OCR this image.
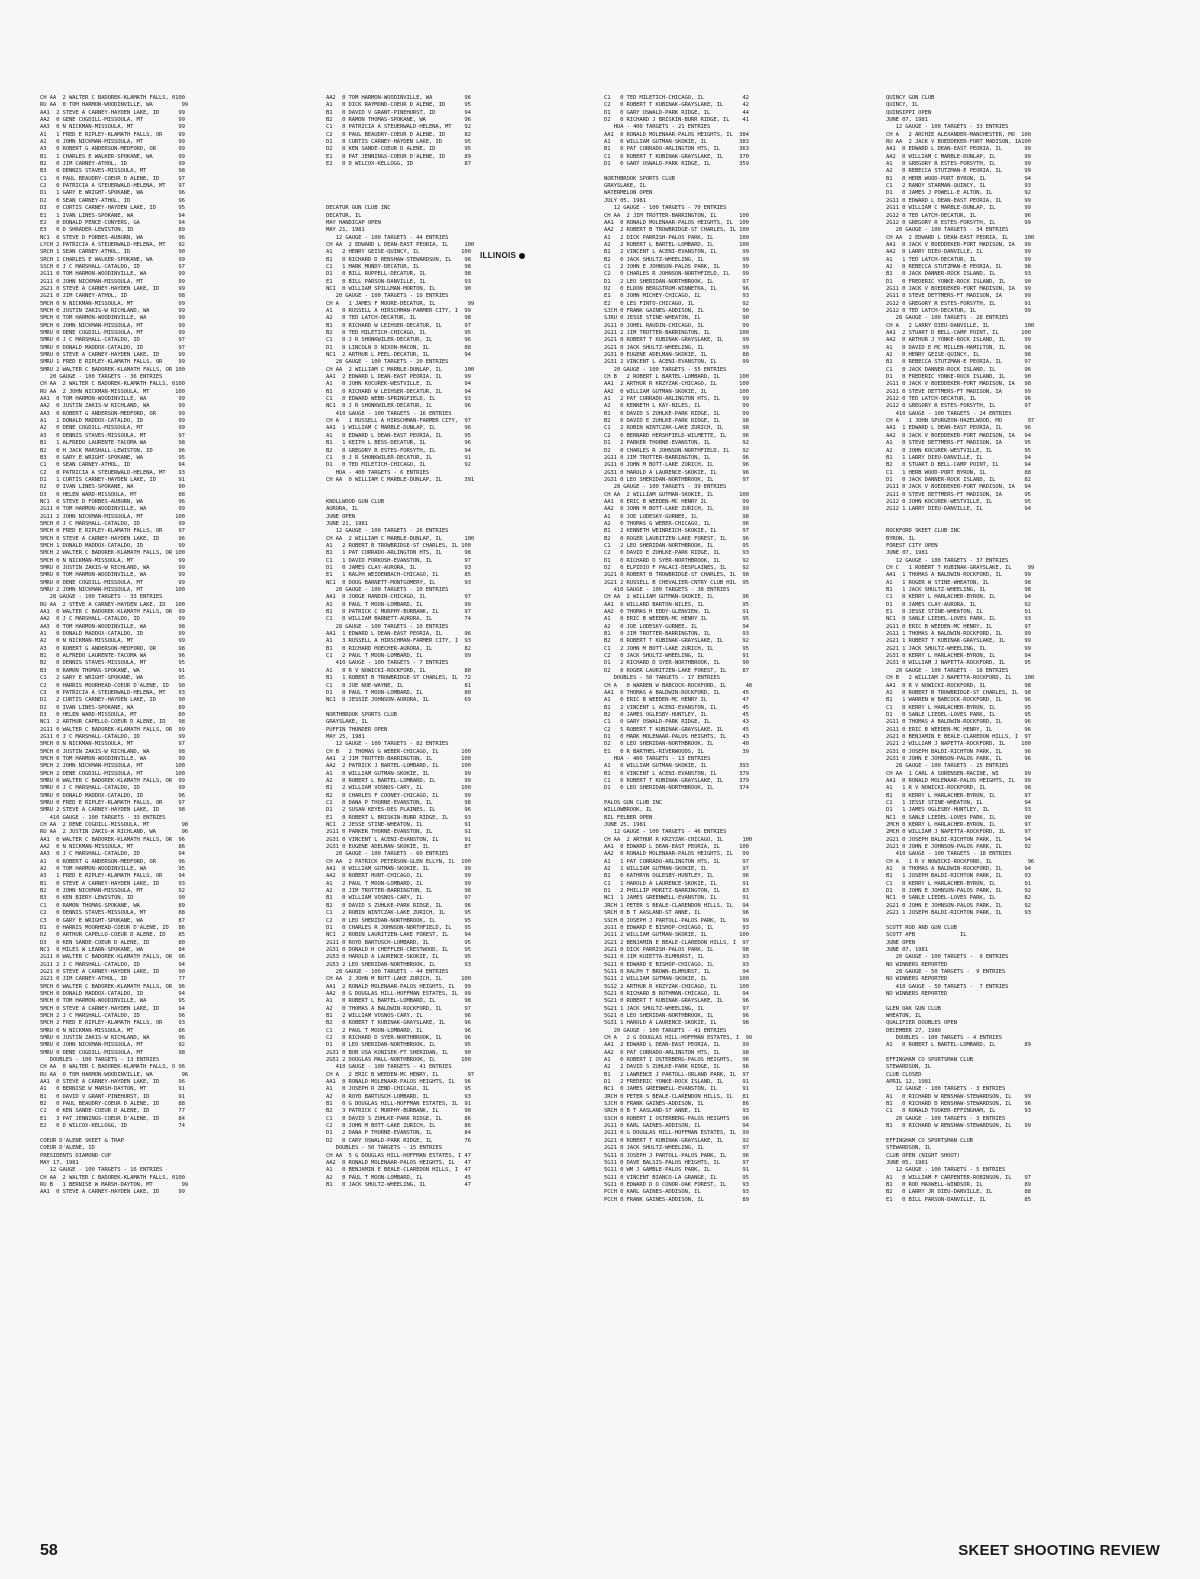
CH AA  2 WALTER C BADOREK-KLAMATH FALLS, 0100
RU AA  0 TOM HARMON-WOODINVILLE, WA         99
AA1  2 STEVE A CARNEY-HAYDEN LAKE, ID      99
AA2  0 GENE COGDILL-MISSOULA, MT           99
AA3  0 N NICKMAN-MISSOULA, MT              99
A1   1 FRED E RIPLEY-KLAMATH FALLS, OR     99
A2   0 JOHN NICKMAN-MISSOULA, MT           99
A3   0 ROBERT G ANDERSON-MEDFORD, OR       99
B1   1 CHARLES E WALKER-SPOKANE, WA        99
B2   0 JIM CARNEY-ATHOL, ID                99
B3   0 DENNIS STAVES-MISSOULA, MT          98
C1   0 PAUL BEAUDRY-COEUR D ALENE, ID      97
C2   0 PATRICIA A STEUERWALD-HELENA, MT    97
D1   1 GARY E WRIGHT-SPOKANE, WA           96
D2   0 SEAN CARNEY-ATHOL, ID               96
D3   0 CURTIS CARNEY-HAYDEN LAKE, ID       95
E1   1 IVAN LINES-SPOKANE, WA              94
E2   0 DONALD PENCE-CONYERS, GA            94
E3   0 D SHRADER-LEWISTON, ID              89
NC1  0 STEVE D FORBES-AUBURN, WA           96
LYCH 2 PATRICIA A STEUERWALD-HELENA, MT    92
SRCH 1 SEAN CARNEY-ATHOL, ID               90
SRCH 1 CHARLES E WALKER-SPOKANE, WA        99
SSCH 0 J C MARSHALL-CATALDO, ID            97
2G11 0 TOM HARMON-WOODINVILLE, WA          99
2G11 0 JOHN NICKMAN-MISSOULA, MT           99
2G21 0 STEVE A CARNEY-HAYDEN LAKE, ID      99
2G21 0 JIM CARNEY-ATHOL, ID                98
5MCH 0 N NICKMAN-MISSOULA, MT              99
5MCH 0 JUSTIN ZAKIS-W RICHLAND, WA         99
5MCH 0 TOM HARMON-WOODINVILLE, WA          99
5MCH 0 JOHN NICKMAN-MISSOULA, MT           99
5MRU 0 DENE COGDILL-MISSOULA, MT           99
5MRU 0 J C MARSHALL-CATALDO, ID            97
5MRU 0 DONALD MADDOX-CATALDO, ID           97
5MRU 0 STEVE A CARNEY-HAYDEN LAKE, ID      99
5MRU 1 FRED E RIPLEY-KLAMATH FALLS, OR     99
5MRU 2 WALTER C BADOREK-KLAMATH FALLS, OR 100
20 GAUGE - 100 TARGETS - 36 ENTRIES
CH AA  2 WALTER C BADOREK-KLAMATH FALLS, 0100
RU AA  2 JOHN NICKMAN-MISSOULA, MT        100
AA1  0 TOM HARMON-WOODINVILLE, WA          99
AA2  0 JUSTIN ZAKIS-W RICHLAND, WA         99
AA3  0 ROBERT G ANDERSON-MEDFORD, OR       99
A1   1 DONALD MADDOX-CATALDO, ID           99
A2   0 DENE COGDILL-MISSOULA, MT           99
A3   0 DENNIS STAVES-MISSOULA, MT          97
B1   1 ALFREDO LAURENTE-TACOMA WA          98
B2   0 H JACK MARSHALL-LEWISTON, ID        96
B3   0 GARY E WRIGHT-SPOKANE, WA           95
C1   0 SEAN CARNEY-ATHOL, ID               94
C2   0 PATRICIA A STEUERWALD-HELENA, MT    93
D1   1 CURTIS CARNEY-HAYDEN LAKE, ID       91
D2   0 IVAN LINES-SPOKANE, WA              90
D3   0 HELEN WARD-MISSOULA, MT             88
NC1  0 STEVE D FORBES-AUBURN, WA           96
2G11 0 TOM HARMON-WOODINVILLE, WA          99
2G11 2 JOHN NICKMAN-MISSOULA, MT          100
5MCH 0 J C MARSHALL-CATALDO, ID            99
5MCH 0 FRED E RIPLEY-KLAMATH FALLS, OR     97
5MCH 0 STEVE A CARNEY-HAYDEN LAKE, ID      96
5MCH 1 DONALD MADDOX-CATALDO, ID           99
5MCH 2 WALTER C BADOREK-KLAMATH FALLS, OR 100
5MCH 0 N NICKMAN-MISSOULA, MT              99
5MRU 0 JUSTIN ZAKIS-W RICHLAND, WA         99
5MRU 0 TOM HARMON-WOODINVILLE, WA          99
5MRU 0 DENE COGDILL-MISSOULA, MT           99
5MRU 2 JOHN NICKMAN-MISSOULA, MT          100
28 GAUGE - 100 TARGETS - 33 ENTRIES
RU AA  2 STEVE A CARNEY-HAYDEN LAKE, ID   100
AA1  0 WALTER C BADOREK-KLAMATH FALLS, OR  99
AA2  0 J C MARSHALL-CATALDO, ID            99
AA3  0 TOM HARMON-WOODINVILLE, WA          98
A1   0 DONALD MADDOX-CATALDO, ID           99
A2   0 N NICKMAN-MISSOULA, MT              99
A3   0 ROBERT G ANDERSON-MEDFORD, OR       98
B1   0 ALFREDO LAURENTE-TACOMA WA          96
B2   0 DENNIS STAVES-MISSOULA, MT          95
B3   0 RAMON THOMAS-SPOKANE, WA            91
C1   2 GARY E WRIGHT-SPOKANE, WA           95
C2   0 HARRIS MOORHEAD-COEUR D'ALENE, ID   90
C3   0 PATRICIA A STEUERWALD-HELENA, MT    93
D1   2 CURTIS CARNEY-HAYDEN LAKE, ID       90
D2   0 IVAN LINES-SPOKANE, WA              89
D3   0 HELEN WARD-MISSOULA, MT             80
NC1  2 ARTHUR CAPELLO-COEUR D ALENE, ID    98
2G11 0 WALTER C BADOREK-KLAMATH FALLS, OR  99
2G11 0 J C MARSHALL-CATALDO, ID            99
5MCH 0 N NICKMAN-MISSOULA, MT              97
5MCH 0 JUSTIN ZAKIS-W RICHLAND, WA         98
5MCH 0 TOM HARMON-WOODINVILLE, WA          99
5MCH 2 JOHN NICKMAN-MISSOULA, MT          100
5MCH 2 DENE COGDILL-MISSOULA, MT          100
5MRU 0 WALTER C BADOREK-KLAMATH FALLS, OR  99
5MRU 0 J C MARSHALL-CATALDO, ID            99
5MRU 0 DONALD MADDOX-CATALDO, ID           96
5MRU 0 FRED E RIPLEY-KLAMATH FALLS, OR     97
5MRU 2 STEVE A CARNEY-HAYDEN LAKE, ID      98
410 GAUGE - 100 TARGETS - 33 ENTRIES
CH AA  2 DENE COGDILL-MISSOULA, MT          98
RU AA  2 JUSTIN ZAKIS-W RICHLAND, WA        96
AA1  0 WALTER C BADOREK-KLAMATH FALLS, OR  96
AA2  0 N NICKMAN-MISSOULA, MT              86
AA3  0 J C MARSHALL-CATALDO, ID            94
A1   0 ROBERT G ANDERSON-MEDFORD, OR       96
A2   0 TOM HARMON-WOODINVILLE, WA          95
A3   1 FRED E RIPLEY-KLAMATH FALLS, OR     94
B1   0 STEVE A CARNEY-HAYDEN LAKE, ID      93
B2   0 JOHN NICKMAN-MISSOULA, MT           92
B3   0 KEN BIERY-LEWISTON, ID              90
C1   0 RAMON THOMAS-SPOKANE, WA            89
C2   0 DENNIS STAVES-MISSOULA, MT          88
C3   0 GARY E WRIGHT-SPOKANE, WA           87
D1   0 HARRIS MOORHEAD-COEUR D'ALENE, ID   86
D2   0 ARTHUR CAPELLO-COEUR D ALENE, ID    85
D3   0 KEN SANDE-COEUR D ALENE, ID         80
NC1  0 MILES W LEARN-SPOKANE, WA           84
2G11 0 WALTER C BADOREK-KLAMATH FALLS, OR  96
2G11 2 J C MARSHALL-CATALDO, ID            94
2G21 0 STEVE A CARNEY-HAYDEN LAKE, ID      90
2G21 0 JIM CARNEY-ATHOL, ID                77
5MCH 0 WALTER C BADOREK-KLAMATH FALLS, OR  96
5MCH 0 DONALD MADDOX-CATALDO, ID           94
5MCH 0 TOM HARMON-WOODINVILLE, WA          95
5MCH 0 STEVE A CARNEY-HAYDEN LAKE, ID      94
5MCH 2 J C MARSHALL-CATALDO, ID            96
5MCH 2 FRED E RIPLEY-KLAMATH FALLS, OR     93
5MRU 0 N NICKMAN-MISSOULA, MT              86
5MRU 0 JUSTIN ZAKIS-W RICHLAND, WA         96
5MRU 0 JOHN NICKMAN-MISSOULA, MT           92
5MRU 0 DENE COGDILL-MISSOULA, MT           98
DOUBLES - 100 TARGETS - 13 ENTRIES
CH AA  0 WALTER C BADOREK-KLAMATH FALLS, O 96
RU AA  0 TOM HARMON-WOODINVILLE, WA         96
AA1  0 STEVE A CARNEY-HAYDEN LAKE, ID      96
A1   0 BERNISE W MARSH-DAYTON, MT          91
B1   0 DAVID V GRANT-PINEHURST, ID         91
B2   0 PAUL BEAUDRY-COEUR D ALENE, ID      88
C1   0 KEN SANDE-COEUR D ALENE, ID         77
E1   3 PAT JENNINGS-COEUR D'ALENE, ID      84
E2   0 D WILCOX-KELLOGG, ID                74
COEUR D'ALENE SKEET & TRAP
COEUR D'ALENE, ID
PRESIDENTS DIAMOND CUP
MAY 17, 1981
12 GAUGE - 100 TARGETS - 16 ENTRIES
CH AA  2 WALTER C BADOREK-KLAMATH FALLS, 0100
RU B   1 BERNISE W MARSH-DAYTON, MT         99
AA1  0 STEVE A CARNEY-HAYDEN LAKE, ID      99
AA2  0 TOM HARMON-WOODINVILLE, WA          96
A1   0 DICK RAYMOND-COEUR D ALENE, ID      95
B1   0 DAVID V GRANT-PINEHURST, ID         94
B2   0 RAMON THOMAS-SPOKANE, WA            96
C1   0 PATRICIA A STEUERWALD-HELENA, MT    92
C2   0 PAUL BEAUDRY-COEUR D ALENE, ID      82
D1   0 CURTIS CARNEY-HAYDEN LAKE, ID       95
D2   0 KEN SANDE-COEUR D ALENE, ID         95
E1   0 PAT JENNINGS-COEUR D'ALENE, ID      89
E2   0 D WILCOX-KELLOGG, ID                87
DECATUR GUN CLUB INC
DECATUR, IL
MAY HANDICAP OPEN
MAY 21, 1981
12 GAUGE - 100 TARGETS - 44 ENTRIES
CH AA  2 EDWARD L DEAN-EAST PEORIA, IL     100
A1   2 HENRY GEISE-QUINCY, IL             100
B1   0 RICHARD D RENSHAW-STEWARDSON, IL    98
C1   1 MARK MUNDY-DECATUR, IL              98
D1   0 BILL RUPPELL-DECATUR, IL            98
E1   0 BILL PARSON-DANVILLE, IL            93
NC1  0 WILLIAM SPILLMAN-MORTON, IL         90
20 GAUGE - 100 TARGETS - 19 ENTRIES
CH A   1 JAMES F MOORE-DECATUR, IL          99
A1   0 RUSSELL A HIRSCHMAN-FARMER CITY, I  99
A2   0 TED LATCH-DECATUR, IL               98
B1   0 RICHARD W LEIHSER-DECATUR, IL       97
B2   0 TED MILETICH-CHICAGO, IL            95
C1   0 J R SHONKWILER-DECATUR, IL          96
D1   0 LINCOLN D NIXON-MACON, IL           88
NC1  2 ARTHUR L PEEL-DECATUR, IL           94
28 GAUGE - 100 TARGETS - 20 ENTRIES
CH AA  2 WILLIAM C MARBLE-DUNLAP, IL       100
AA1  2 EDWARD L DEAN-EAST PEORIA, IL       99
A1   0 JOHN KOCUREK-WESTVILLE, IL          94
B1   0 RICHARD W LEIHSER-DECATUR, IL       94
C1   0 EDWARD WEBB-SPRINGFIELD, IL         93
NC1  0 J R SHONKWILER-DECATUR, IL          96
410 GAUGE - 100 TARGETS - 16 ENTRIES
CH A   1 RUSSELL A HIRSCHMAN-FARMER CITY,  97
AA1  1 WILLIAM C MARBLE-DUNLAP, IL         96
A1   0 EDWARD L DEAN-EAST PEORIA, IL       95
B1   1 KEITH L BESS-DECATUR, IL            96
B2   0 GREGORY R ESTES-FORSYTH, IL         94
C1   0 J R SHONKWILER-DECATUR, IL          91
D1   0 TED MILETICH-CHICAGO, IL            92
HOA - 400 TARGETS - 6 ENTRIES
CH AA  0 WILLIAM C MARBLE-DUNLAP, IL       391
KNOLLWOOD GUN CLUB
AURORA, IL
JUNE OPEN
JUNE 21, 1981
12 GAUGE - 100 TARGETS - 26 ENTRIES
CH AA  2 WILLIAM C MARBLE-DUNLAP, IL       100
A1   2 ROBERT B TROWBRIDGE-ST CHARLES, IL 100
B1   1 PAT CORRADO-ARLINGTON HTS, IL       98
C1   1 DAVID FORKOSH-EVANSTON, IL          97
D1   0 JAMES CLAY-AURORA, IL               93
E1   1 RALPH WEIDENBACH-CHICAGO, IL        85
NC1  0 DOUG BARNETT-MONTGOMERY, IL         93
20 GAUGE - 100 TARGETS - 10 ENTRIES
AA1  0 JORGE RANDIN-CHICAGO, IL            97
A1   0 PAUL T MOON-LOMBARD, IL             99
B1   0 PATRICK C MURPHY-BURBANK, IL        97
C1   0 WILLIAM BARNETT-AURORA, IL          74
28 GAUGE - 100 TARGETS - 10 ENTRIES
AA1  1 EDWARD L DEAN-EAST PEORIA, IL       96
A1   3 RUSSELL A HIRSCHMAN-FARMER CITY, I  93
B1   0 RICHARD MOECHER-AURORA, IL          82
C1   2 PAUL T MOON-LOMBARD, IL             99
410 GAUGE - 100 TARGETS - 7 ENTRIES
A1   0 R V NOWICKI-ROCKFORD, IL            80
B1   1 ROBERT B TROWBRIDGE-ST CHARLES, IL  72
C1   0 JOE NOE-WAYNE, IL                   81
D1   0 PAUL T MOON-LOMBARD, IL             80
NC1  0 JESSIE JOHNSON-AURORA, IL           69
NORTHBROOK SPORTS CLUB
GRAYSLAKE, IL
PUFFIN THUNDER OPEN
MAY 25, 1981
12 GAUGE - 100 TARGETS - 82 ENTRIES
CH B   2 THOMAS G WEBER-CHICAGO, IL       100
AA1  2 JIM TROTTER-BARRINGTON, IL         100
AA2  2 PATRICK J BARTEL-LOMBARD, IL       100
A1   0 WILLIAM GUTMAN-SKOKIE, IL           99
A2   0 ROBERT L BARTEL-LOMBARD, IL         99
B1   2 WILLIAM VOSNOS-CARY, IL            100
B2   0 CHARLES F COONEY-CHICAGO, IL        99
C1   0 DANA P THORNE-EVANSTON, IL          98
D1   2 SUSAN KEYES-DES PLAINES, IL         96
E1   0 ROBERT L BRISKIN-BURR RIDGE, IL     93
NC1  2 JESSE STINE-WHEATON, IL             91
2G11 0 PARKER THORNE-EVANSTON, IL          91
2G31 0 VINCENT L ACENI-EVANSTON, IL        91
2G31 0 EUGENE ADELMAN-SKOKIE, IL           87
20 GAUGE - 100 TARGETS - 60 ENTRIES
CH AA  2 PATRICK PETERSON-GLEN ELLYN, IL  100
AA1  0 WILLIAM GUTMAN-SKOKIE, IL           99
AA2  0 ROBERT HUNT-CHICAGO, IL             99
A1   2 PAUL T MOON-LOMBARD, IL             99
A2   0 JIM TROTTER-BARRINGTON, IL          98
B1   0 WILLIAM VOSNOS-CARY, IL             97
B2   0 DAVID S ZUHLKE-PARK RIDGE, IL       96
C1   2 ROBIN WINTCZAK-LAKE ZURICH, IL      95
C2   0 LEO SHERIDAN-NORTHBROOK, IL         95
D1   0 CHARLES R JOHNSON-NORTHFIELD, IL    95
NC1  2 ROBIN LAURITZEN-LAKE FOREST, IL     94
2G11 0 ROYD BARTUSCH-LOMBARD, IL           95
2G31 0 DONALD H CHEFFLER-CRESTWOOD, IL     95
2G53 0 HAROLD A LAURENCE-SKOKIE, IL        95
2G53 2 LEO SHERIDAN-NORTHBROOK, IL         93
28 GAUGE - 100 TARGETS - 44 ENTRIES
CH AA  2 JOHN M BOTT-LAKE ZURICH, IL      100
AA1  2 RONALD MOLENAAR-PALOS HEIGHTS, IL   99
AA2  0 G DOUGLAS HILL-HOFFMAN ESTATES, IL  99
A1   0 ROBERT L BARTEL-LOMBARD, IL         98
A2   0 THOMAS A BALDWIN-ROCKFORD, IL       97
B1   2 WILLIAM VOSNOS-CARY, IL             96
B2   0 ROBERT T KUBINAK-GRAYSLAKE, IL      96
C1   2 PAUL T MOON-LOMBARD, IL             96
C2   0 RICHARD D SYER-NORTHBROOK, IL       96
D1   0 LEO SHERIDAN-NORTHBROOK, IL         95
2G31 0 BOB USA KONISEK-FT SHERIDAN, IL     90
2G51 2 DOUGLAS MALL-NORTHBROOK, IL        100
410 GAUGE - 100 TARGETS - 41 ENTRIES
CH A   2 ERIC B WEEDEN-MC HENRY, IL         97
AA1  0 RONALD MOLENAAR-PALOS HEIGHTS, IL   96
A1   0 JOSEPH R ZEND-CHICAGO, IL           95
A2   0 ROYD BARTUSCH-LOMBARD, IL           93
B1   0 G DOUGLAS HILL-HOFFMAN ESTATES, IL  91
B2   3 PATRICK C MURPHY-BURBANK, IL        90
C1   0 DAVID S ZUHLKE-PARK RIDGE, IL       86
C2   0 JOHN M BOTT-LAKE ZURICH, IL         86
D1   2 DANA P THORNE-EVANSTON, IL          84
D2   0 CARY OSWALD-PARK RIDGE, IL          76
DOUBLES - 50 TARGETS - 15 ENTRIES
CH AA  5 G DOUGLAS HILL-HOFFMAN ESTATES, I 47
AA2  0 RONALD MOLENAAR-PALOS HEIGHTS, IL   47
A1   0 BENJAMIN E BEALE-CLAREDON HILLS, I  47
A2   0 PAUL T MOON-LOMBARD, IL             45
B1   0 JACK SHULTZ-WHEELING, IL            47
C1   0 TED MILETICH-CHICAGO, IL            42
C2   0 ROBERT T KUBINAK-GRAYSLAKE, IL      42
D1   0 GARY OSWALD-PARK RIDGE, IL          44
D2   0 RICHARD J BRISKIN-BURR RIDGE, IL    41
HOA - 400 TARGETS - 21 ENTRIES
AA1  0 RONALD MOLENAAR-PALOS HEIGHTS, IL  384
A1   0 WILLIAM GUTMAN-SKOKIE, IL          383
B1   0 PAT CORRADO-ARLINGTON HTS, IL      363
C1   0 ROBERT T KUBINAK-GRAYSLAKE, IL     370
D1   0 GARY OSWALD-PARK RIDGE, IL         359
NORTHBROOK SPORTS CLUB
GRAYSLAKE, IL
WATERMELON OPEN
JULY 05, 1981
12 GAUGE - 100 TARGETS - 70 ENTRIES
CH AA  2 JIM TROTTER-BARRINGTON, IL       100
AA1  0 RONALD MOLENAAR-PALOS HEIGHTS, IL  100
AA2  2 ROBERT B TROWBRIDGE-ST CHARLES, IL 100
A1   2 DICK PARRISH-PALOS PARK, IL        100
A2   2 ROBERT L BARTEL-LOMBARD, IL        100
B1   2 VINCENT L ACENI-EVANSTON, IL        99
B2   0 JACK SHULTZ-WHEELING, IL            99
C1   2 JOHN E JOHNSON-PALOS PARK, IL       99
C2   0 CHARLES R JOHNSON-NORTHFIELD, IL    99
D1   2 LEO SHERIDAN-NORTHBROOK, IL         97
D2   0 ELDON BERGSTROM-WINNETKA, IL        96
E1   0 JOHN MICHEY-CHICAGO, IL             93
E2   0 LES FINTO-CHICAGO, IL               92
SJCH 0 FRANK GAINES-ADDISON, IL            90
SJRU 0 JESSE STINE-WHEATON, IL             90
2G11 0 JOHEL RAUDIN-CHICAGO, IL            99
2G11 2 JIM TROTTER-BARRINGTON, IL         100
2G21 0 ROBERT T KUBINAK-GRAYSLAKE, IL      99
2G21 0 JACK SHULTZ-WHEELING, IL            99
2G31 0 EUGENE ADELMAN-SKOKIE, IL           88
2G31 2 VINCENT L ACENI-EVANSTON, IL        99
20 GAUGE - 100 TARGETS - 55 ENTRIES
CH B   2 ROBERT L BARTEL-LOMBARD, IL      100
AA1  2 ARTHUR R KRZYZAK-CHICAGO, IL       100
AA2  0 WILLIAM GUTMAN-SKOKIE, IL          100
A1   2 PAT CORRADO-ARLINGTON HTS, IL       99
A2   0 KENNETH L KAY-NILES, IL             99
B1   0 DAVID S ZUHLKE-PARK RIDGE, IL       99
B2   0 DAVID E ZUHLKE-PARK RIDGE, IL       98
C1   2 ROBIN WINTCZAK-LAKE ZURICH, IL      98
C2   0 BERNARD HERSHFIELD-WILMETTE, IL     96
D1   2 PARKER THORNE-EVANSTON, IL          92
D2   0 CHARLES R JOHNSON-NORTHFIELD, IL    92
2G11 0 JIM TROTTER-BARRINGTON, IL          96
2G11 0 JOHN M BOTT-LAKE ZURICH, IL         96
2G31 0 HAROLD A LAURENCE-SKOKIE, IL        96
2G31 0 LEO SHERIDAN-NORTHBROOK, IL         97
28 GAUGE - 100 TARGETS - 39 ENTRIES
CH AA  2 WILLIAM GUTMAN-SKOKIE, IL        100
AA1  0 ERIC B WEEDEN-MC HENRY IL           99
AA2  0 JOHN M BOTT-LAKE ZURICH, IL         99
A1   0 JOE LODESKY-GURNEE, IL              98
A2   0 THOMAS G WEBER-CHICAGO, IL          96
B1   2 KENNETH WEINREICH-SKOKIE, IL        97
B2   0 ROGER LAURITZEN-LAKE FOREST, IL     96
C1   2 LEO SHERIDAN-NORTHBROOK, IL         95
C2   0 DAVID E ZUHLKE-PARK RIDGE, IL       93
D1   0 RICHARD D SYER-NORTHBROOK, IL       92
D2   0 ELPIDIO F PALACI-DESPLAINES, IL     92
2G21 0 ROBERT B TROWBRIDGE-ST CHARLES, IL  98
2G21 2 RUSSELL B CHEVALIER-CNTRY CLUB HIL  95
410 GAUGE - 100 TARGETS - 38 ENTRIES
CH AA  2 WILLIAM GUTMAN-SKOKIE, IL         96
AA1  0 WILLARD BARTON-NILES, IL            95
AA2  0 THOMAS H EDDY-GLENVIEW, IL          91
A1   0 ERIC B WEEDEN-MC HENRY IL           95
A2   0 JOE LODESKY-GURNEE, IL              94
B1   0 JIM TROTTER-BARRINGTON, IL          93
B2   0 ROBERT T KUBINAK-GRAYSLAKE, IL      92
C1   2 JOHN M BOTT-LAKE ZURICH, IL         95
C2   0 JACK SHULTZ-WHEELING, IL            91
D1   2 RICHARD D SYER-NORTHBROOK, IL       90
D2   0 ROGER LAURITZEN-LAKE FOREST, IL     87
DOUBLES - 50 TARGETS - 17 ENTRIES
CH A   0 WARREN W BABCOCK-ROCKFORD, IL      48
AA1  0 THOMAS A BALDWIN-ROCKFORD, IL       45
A1   0 ERIC B WEEDEN-MC HENRY IL           47
B1   2 VINCENT L ACENI-EVANSTON, IL        45
B2   0 JAMES OGLESBY-HUNTLEY, IL           45
C1   0 GARY OSWALD-PARK RIDGE, IL          43
C2   5 ROBERT T KUBINAK-GRAYSLAKE, IL      45
D1   0 MARK MOLENAAR-PALOS HEIGHTS, IL     43
D2   0 LEO SHERIDAN-NORTHBROOK, IL         40
E1   0 R BARTHEL-RIVERWOODS, IL            39
HOA - 400 TARGETS - 13 ENTRIES
A1   0 WILLIAM GUTMAN-SKOKIE, IL          393
B1   0 VINCENT L ACENI-EVANSTON, IL       379
C1   0 ROBERT T KUBINAK-GRAYSLAKE, IL     379
D1   0 LEO SHERIDAN-NORTHBROOK, IL        374
PALOS GUN CLUB INC
WILLOWBROOK, IL
BIL FELBER OPEN
JUNE 25, 1981
12 GAUGE - 100 TARGETS - 46 ENTRIES
CH AA  2 ARTHUR R KRZYZAK-CHICAGO, IL      100
AA1  0 EDWARD L DEAN-EAST PEORIA, IL      100
AA2  0 RONALD MOLENAAR-PALOS HEIGHTS, IL   99
A1   1 PAT CORRADO-ARLINGTON HTS, IL       97
A2   1 WILLIAM GUTMAN-SKOKIE, IL           97
B1   0 KATHRYN OGLESBY-HUNTLEY, IL         96
C1   1 HAROLD A LAURENCE-SKOKIE, IL        91
D1   2 PHILLIP MORITZ-BARRINGTON, IL       83
NC1  1 JAMES GREENWELL-EVANSTON, IL        91
JRCH 1 PETER S BEALE-CLARENDON HILLS, IL   94
SRCH 0 B T AASLAND-ST ANNE, IL             96
SSCH 0 JOSEPH J PARTOLL-PALOS PARK, IL     99
2G11 0 EDWARD E BISHOP-CHICAGO, IL         93
2G11 2 WILLIAM GUTMAN-SKOKIE, IL          100
2G21 2 BENJAMIN E BEALE-CLAREDON HILLS, I  97
2G21 0 DICK PARRISH-PALOS PARK, IL         98
5G11 0 JIM KUIETTA-ELMHURST, IL            93
5G11 0 EDWARD E BISHOP-CHICAGO, IL         93
5G11 0 RALPH T BROWN-ELMHURST, IL          94
5G11 2 WILLIAM GUTMAN-SKOKIE, IL          100
5G12 2 ARTHUR R KRZYZAK-CHICAGO, IL       100
5G21 0 RICHARD B ROTHMAN-CHICAGO, IL       94
5G21 0 ROBERT T KUBINAK-GRAYSLAKE, IL      96
5G21 1 JACK SHULTZ-WHEELING, IL            97
5G21 0 LEO SHERIDAN-NORTHBROOK, IL         96
5G31 1 HAROLD A LAURENCE-SKOKIE, IL        98
20 GAUGE - 100 TARGETS - 41 ENTRIES
CH A   2 G DOUGLAS HILL-HOFFMAN ESTATES, I  99
AA1  2 EDWARD L DEAN-EAST PEORIA, IL       99
AA2  0 PAT CORRADO-ARLINGTON HTS, IL       98
A1   0 ROBERT I OSTERBERG-PALOS HEIGHTS,   96
A2   2 DAVID S ZUHLKE-PARK RIDGE, IL       96
B1   2 LAWRENCE J PARTOLL-ORLAND PARK, IL  97
D1   2 FREDERIC YONKE-ROCK ISLAND, IL      91
NC1  0 JAMES GREENWELL-EVANSTON, IL        91
JRCH 0 PETER S BEALE-CLARENDON HILLS, IL   81
SJCH 0 FRANK GAINES-ADDISON, IL            86
SRCH 0 B T AASLAND-ST ANNE, IL             93
SSCH 0 ROBERT I OSTERBERG-PALOS HEIGHTS    96
2G11 0 KARL GAINES-ADDISON, IL             94
2G11 0 G DOUGLAS HILL-HOFFMAN ESTATES, IL  99
2G21 0 ROBERT T KUBINAK-GRAYSLAKE, IL      92
2G21 0 JACK SHULTZ-WHEELING, IL            97
5G11 0 JOSEPH J PARTOLL-PALOS PARK, IL     96
5G11 0 DAVE BALSIS-PALOS HEIGHTS, IL       97
5G11 0 WM J GAMBLE-PALOS PARK, IL          91
5G11 0 VINCENT BIANCO-LA GRANGE, IL        95
5G11 0 EDWARD D O CONOR-OAK FOREST, IL     93
PCCH 0 KARL GAINES-ADDISON, IL             93
PCCH 0 FRANK GAINES-ADDISON, IL            89
QUINCY GUN CLUB
QUINCY, IL
QUINSIPPI OPEN
JUNE 07, 1981
12 GAUGE - 100 TARGETS - 33 ENTRIES
CH A   2 ARCHIE ALEXANDER-MANCHESTER, MO  100
RU AA  2 JACK V BOEDDEKER-FORT MADISON, IA100
AA1  0 EDWARD L DEAN-EAST PEORIA, IL       99
AA2  0 WILLIAM C MARBLE-DUNLAP, IL         99
A1   0 GREGORY R ESTES-FORSYTH, IL         99
A2   0 REBECCA STUTZMAN-E PEORIA, IL       99
B1   0 HERB WOOD-PORT BYRON, IL            94
C1   2 RANDY STARMAN-QUINCY, IL            93
D1   0 JAMES J POWELL-E ALTON, IL          92
2G11 0 EDWARD L DEAN-EAST PEORIA, IL       99
2G11 0 WILLIAM C MARBLE-DUNLAP, IL         99
2G12 0 TED LATCH-DECATUR, IL               96
2G12 0 GREGORY R ESTES-FORSYTH, IL         99
20 GAUGE - 100 TARGETS - 34 ENTRIES
CH AA  2 EDWARD L DEAN-EAST PEORIA, IL     100
AA1  0 JACK V BOEDDEKER-FORT MADISON, IA   99
AA2  0 LARRY DIEU-DANVILLE, IL             99
A1   1 TED LATCH-DECATUR, IL               99
A2   0 REBECCA STUTZMAN-E PEORIA, IL       98
B1   0 JACK DANNER-ROCK ISLAND, IL         93
D1   0 FREDERIC YONKE-ROCK ISLAND, IL      90
2G11 0 JACK V BOEDDEKER-FORT MADISON, IA   99
2G11 0 STEVE DETTMERS-FT MADISON, IA       99
2G12 0 GREGORY R ESTES-FORSYTH, IL         91
2G12 0 TED LATCH-DECATUR, IL               99
28 GAUGE - 100 TARGETS - 28 ENTRIES
CH A   2 LARRY DIEU-DANVILLE, IL           100
AA1  2 STUART D BELL-CAMP POINT, IL       100
AA2  0 ARTHUR J YONKE-ROCK ISLAND, IL      99
A1   0 DAVID E MC MILLEN-HAMILTON, IL      98
A2   0 HENRY GEISE-QUINCY, IL              98
B1   0 REBECCA STUTZMAN-E PEORIA, IL       97
C1   0 JACK DANNER-ROCK ISLAND, IL         96
D1   0 FREDERIC YONKE-ROCK ISLAND, IL      90
2G11 0 JACK V BOEDDEKER-FORT MADISON, IA   98
2G11 0 STEVE DETTMERS-FT MADISON, IA       99
2G12 0 TED LATCH-DECATUR, IL               96
2G12 0 GREGORY R ESTES-FORSYTH, IL         97
410 GAUGE - 100 TARGETS - 24 ENTRIES
CH A   1 JOHN SPURGEON-HAZELWOOD, MO        97
AA1  1 EDWARD L DEAN-EAST PEORIA, IL       96
AA2  0 JACK V BOEDDEKER-FORT MADISON, IA   94
A1   0 STEVE DETTMERS-FT MADISON, IA       95
A2   0 JOHN KOCUREK-WESTVILLE, IL          95
B1   1 LARRY DIEU-DANVILLE, IL             94
B2   0 STUART D BELL-CAMP POINT, IL        94
C1   1 HERB WOOD-PORT BYRON, IL            88
D1   0 JACK DANNER-ROCK ISLAND, IL         82
2G11 0 JACK V BOEDDEKER-FORT MADISON, IA   94
2G11 0 STEVE DETTMERS-FT MADISON, IA       95
2G12 0 JOHN KOCUREK-WESTVILLE, IL          95
2G12 1 LARRY DIEU-DANVILLE, IL             94
ROCKFORD SKEET CLUB INC
BYRON, IL
FOREST CITY OPEN
JUNE 07, 1981
12 GAUGE - 100 TARGETS - 37 ENTRIES
CH C   1 ROBERT T KUBINAK-GRAYSLAKE, IL     99
AA1  1 THOMAS A BALDWIN-ROCKFORD, IL       99
A1   1 ROGER W STINE-WHEATON, IL           98
B1   1 JACK SHULTZ-WHEELING, IL            98
C1   0 KERRY L HARLACHER-BYRON, IL         94
D1   0 JAMES CLAY-AURORA, IL               92
E1   0 JESSE STINE-WHEATON, IL             91
NC1  0 SANLE LIEDEL-LOVES PARK, IL         93
2G11 0 ERIC B WEEDEN-MC HENRY, IL          97
2G11 1 THOMAS A BALDWIN-ROCKFORD, IL       99
2G21 1 ROBERT T KUBINAK-GRAYSLAKE, IL      99
2G21 1 JACK SHULTZ-WHEELING, IL            99
2G31 0 KERRY L HARLACHER-BYRON, IL         94
2G31 0 WILLIAM J NAPETTA-ROCKFORD, IL      95
20 GAUGE - 100 TARGETS - 18 ENTRIES
CH B   2 WILLIAM J NAPETTA-ROCKFORD, IL    100
AA1  0 R V NOWICKI-ROCKFORD, IL            98
A1   0 ROBERT B TROWBRIDGE-ST CHARLES, IL  98
B1   1 WARREN W BABCOCK-ROCKFORD, IL       96
C1   0 KERRY L HARLACHER-BYRON, IL         95
D1   0 SANLE LIEDEL-LOVES PARK, IL         95
2G11 0 THOMAS A BALDWIN-ROCKFORD, IL       96
2G11 0 ERIC B WEEDEN-MC HENRY, IL          96
2G21 0 BENJAMIN E BEALE-CLAREDON HILLS, I  97
2G21 2 WILLIAM J NAPETTA-ROCKFORD, IL     100
2G31 0 JOSEPH BALDI-RICHTON PARK, IL       96
2G31 0 JOHN E JOHNSON-PALOS PARK, IL       96
28 GAUGE - 100 TARGETS - 25 ENTRIES
CH AA  1 CARL A SORENSEN-RACINE, WI        99
AA1  0 RONALD MOLENAAR-PALOS HEIGHTS, IL   99
A1   1 R V NOWICKI-ROCKFORD, IL            98
B1   0 KERRY L HARLACHER-BYRON, IL         97
C1   1 JESSE STINE-WHEATON, IL             94
D1   1 JAMES OGLESBY-HUNTLEY, IL           93
NC1  0 SANLE LIEDEL-LOVES PARK, IL         90
2MCH 0 KERRY L HARLACHER-BYRON, IL         97
2MCH 0 WILLIAM J NAPETTA-ROCKFORD, IL      97
2G21 0 JOSEPH BALDI-RICHTON PARK, IL       94
2G21 0 JOHN E JOHNSON-PALOS PARK, IL       92
410 GAUGE - 100 TARGETS - 18 ENTRIES
CH A   1 R V NOWICKI-ROCKFORD, IL           96
A1   0 THOMAS A BALDWIN-ROCKFORD, IL       94
B1   1 JOSEPH BALDI-RICHTON PARK, IL       93
C1   0 KERRY L HARLACHER-BYRON, IL         91
D1   0 JOHN E JOHNSON-PALOS PARK, IL       92
NC1  0 SANLE LIEDEL-LOVES PARK, IL         82
2G21 0 JOHN E JOHNSON-PALOS PARK, IL       92
2G21 1 JOSEPH BALDI-RICHTON PARK, IL       93
SCOTT ROD AND GUN CLUB
SCOTT AFB              IL
JUNE OPEN
JUNE 07, 1981
20 GAUGE - 100 TARGETS -  9 ENTRIES
NO WINNERS REPORTED
28 GAUGE - 50 TARGETS -  9 ENTRIES
NO WINNERS REPORTED
410 GAUGE - 50 TARGETS -  7 ENTRIES
NO WINNERS REPORTED
GLEN OAK GUN CLUB
WHEATON, IL
QUALIFIER DOUBLES OPEN
DECEMBER 27, 1980
DOUBLES - 100 TARGETS - 4 ENTRIES
A1   0 ROBERT L BARTEL-LOMBARD, IL         89
EFFINGHAM CO SPORTSMAN CLUB
STEWARDSON, IL
CLUB CLOSED
APRIL 12, 1981
12 GAUGE - 100 TARGETS - 3 ENTRIES
A1   0 RICHARD W RENSHAW-STEWARDSON, IL    99
B1   0 RICHARD D RENSHAW-STEWARDSON, IL    96
C1   0 RONALD TOOKER-EFFINGHAM, IL         93
20 GAUGE - 100 TARGETS - 3 ENTRIES
B1   0 RICHARD W RENSHAW-STEWARDSON, IL    99
EFFINGHAM CO SPORTSMAN CLUB
STEWARDSON, IL
CLUB OPEN (NIGHT SHOOT)
JUNE 05, 1981
12 GAUGE - 100 TARGETS - 5 ENTRIES
A1   0 WILLIAM F CARPENTER-ROBINSON, IL    97
B1   0 ROD MAXWELL-WINDSOR, IL             89
B2   0 LARRY JR DIEU-DANVILLE, IL          88
E1   0 BILL PARSON-DANVILLE, IL            85
ILLINOIS
58	SKEET SHOOTING REVIEW
